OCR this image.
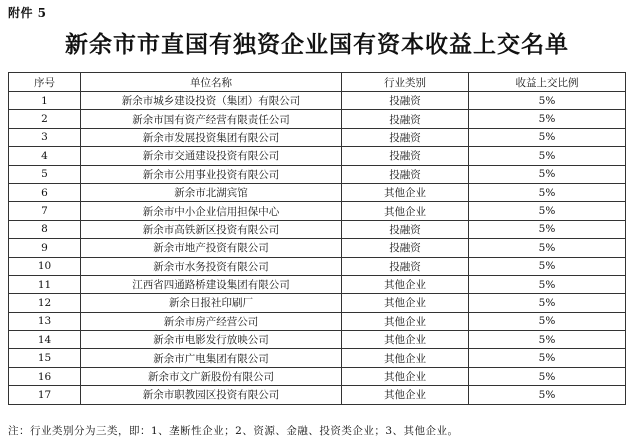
附件 5
新余市市直国有独资企业国有资本收益上交名单
序号	单位名称	行业类别	收益上交比例
1	新余市城乡建设投资（集团）有限公司	投融资	5%
2	新余市国有资产经营有限责任公司	投融资	5%
3	新余市发展投资集团有限公司	投融资	5%
4	新余市交通建设投资有限公司	投融资	5%
5	新余市公用事业投资有限公司	投融资	5%
6	新余市北湖宾馆	其他企业	5%
7	新余市中小企业信用担保中心	其他企业	5%
8	新余市高铁新区投资有限公司	投融资	5%
9	新余市地产投资有限公司	投融资	5%
10	新余市水务投资有限公司	投融资	5%
11	江西省四通路桥建设集团有限公司	其他企业	5%
12	新余日报社印刷厂	其他企业	5%
13	新余市房产经营公司	其他企业	5%
14	新余市电影发行放映公司	其他企业	5%
15	新余市广电集团有限公司	其他企业	5%
16	新余市文广新股份有限公司	其他企业	5%
17	新余市职教园区投资有限公司	其他企业	5%
注：行业类别分为三类，即：1、垄断性企业；2、资源、金融、投资类企业；3、其他企业。
